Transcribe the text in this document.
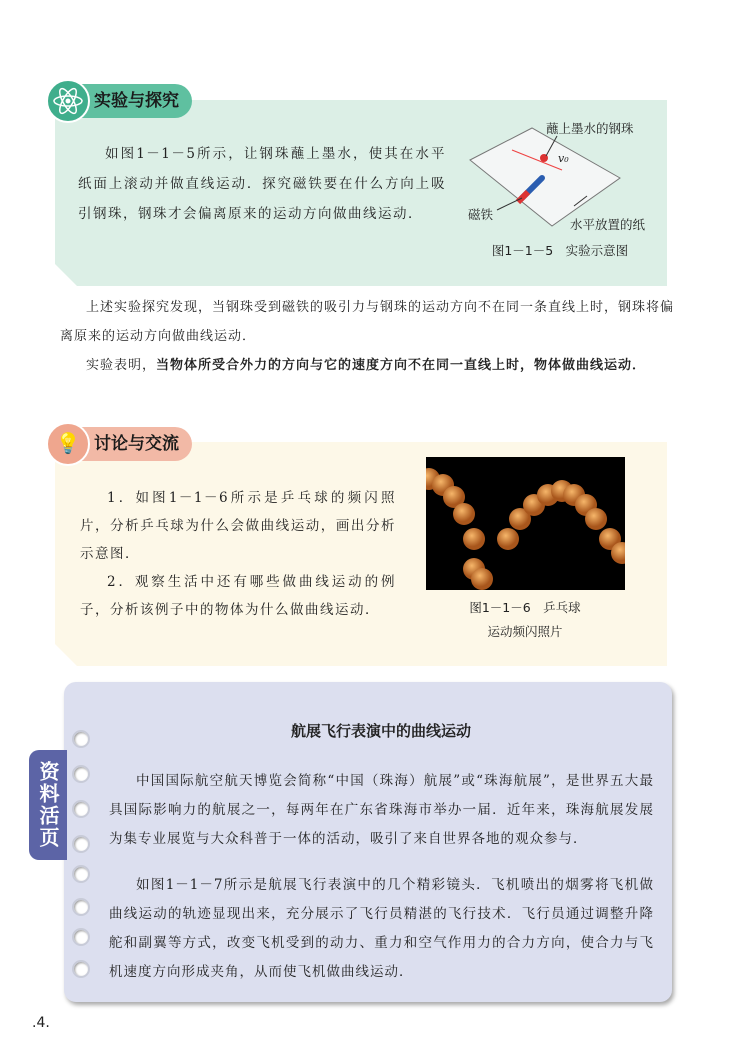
实验与探究
如图1－1－5所示，让钢珠蘸上墨水，使其在水平纸面上滚动并做直线运动．探究磁铁要在什么方向上吸引钢珠，钢珠才会偏离原来的运动方向做曲线运动．
蘸上墨水的钢珠
v₀
磁铁
水平放置的纸
图1－1－5　实验示意图
上述实验探究发现，当钢珠受到磁铁的吸引力与钢珠的运动方向不在同一条直线上时，钢珠将偏离原来的运动方向做曲线运动．
实验表明，当物体所受合外力的方向与它的速度方向不在同一直线上时，物体做曲线运动．
💡 讨论与交流
1．如图1－1－6所示是乒乓球的频闪照片，分析乒乓球为什么会做曲线运动，画出分析示意图．
2．观察生活中还有哪些做曲线运动的例子，分析该例子中的物体为什么做曲线运动．	图1－1－6　乒乓球
运动频闪照片
资料活页
航展飞行表演中的曲线运动
中国国际航空航天博览会简称“中国（珠海）航展”或“珠海航展”，是世界五大最具国际影响力的航展之一，每两年在广东省珠海市举办一届．近年来，珠海航展发展为集专业展览与大众科普于一体的活动，吸引了来自世界各地的观众参与．
如图1－1－7所示是航展飞行表演中的几个精彩镜头．飞机喷出的烟雾将飞机做曲线运动的轨迹显现出来，充分展示了飞行员精湛的飞行技术．飞行员通过调整升降舵和副翼等方式，改变飞机受到的动力、重力和空气作用力的合力方向，使合力与飞机速度方向形成夹角，从而使飞机做曲线运动．
.4.
